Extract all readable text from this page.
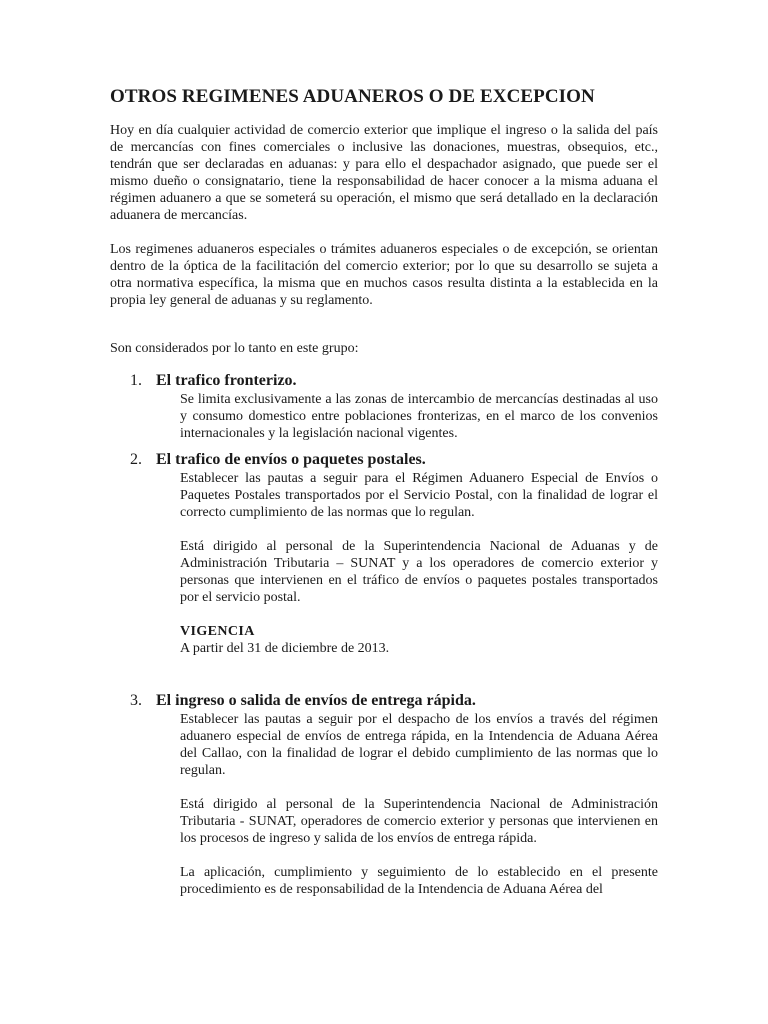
OTROS REGIMENES ADUANEROS O DE EXCEPCION

Hoy en día cualquier actividad de comercio exterior que implique el ingreso o la salida del país de mercancías con fines comerciales o inclusive las donaciones, muestras, obsequios, etc., tendrán que ser declaradas en aduanas: y para ello el despachador asignado, que puede ser el mismo dueño o consignatario, tiene la responsabilidad de hacer conocer a la misma aduana el régimen aduanero a que se someterá su operación, el mismo que será detallado en la declaración aduanera de mercancías.

Los regimenes aduaneros especiales o trámites aduaneros especiales o de excepción, se orientan dentro de la óptica de la facilitación del comercio exterior; por lo que su desarrollo se sujeta a otra normativa específica, la misma que en muchos casos resulta distinta a la establecida en la propia ley general de aduanas y su reglamento.

Son considerados por lo tanto en este grupo:

1. El trafico fronterizo.

Se limita exclusivamente a las zonas de intercambio de mercancías destinadas al uso y consumo domestico entre poblaciones fronterizas, en el marco de los convenios internacionales y la legislación nacional vigentes.

2. El trafico de envíos o paquetes postales.

Establecer las pautas a seguir para el Régimen Aduanero Especial de Envíos o Paquetes Postales transportados por el Servicio Postal, con la finalidad de lograr el correcto cumplimiento de las normas que lo regulan.

Está dirigido al personal de la Superintendencia Nacional de Aduanas y de Administración Tributaria – SUNAT y a los operadores de comercio exterior y personas que intervienen en el tráfico de envíos o paquetes postales transportados por el servicio postal.

VIGENCIA

A partir del 31 de diciembre de 2013.

3. El ingreso o salida de envíos de entrega rápida.

Establecer las pautas a seguir por el despacho de los envíos a través del régimen aduanero especial de envíos de entrega rápida, en la Intendencia de Aduana Aérea del Callao, con la finalidad de lograr el debido cumplimiento de las normas que lo regulan.

Está dirigido al personal de la Superintendencia Nacional de Administración Tributaria - SUNAT, operadores de comercio exterior y personas que intervienen en los procesos de ingreso y salida de los envíos de entrega rápida.

La aplicación, cumplimiento y seguimiento de lo establecido en el presente procedimiento es de responsabilidad de la Intendencia de Aduana Aérea del
